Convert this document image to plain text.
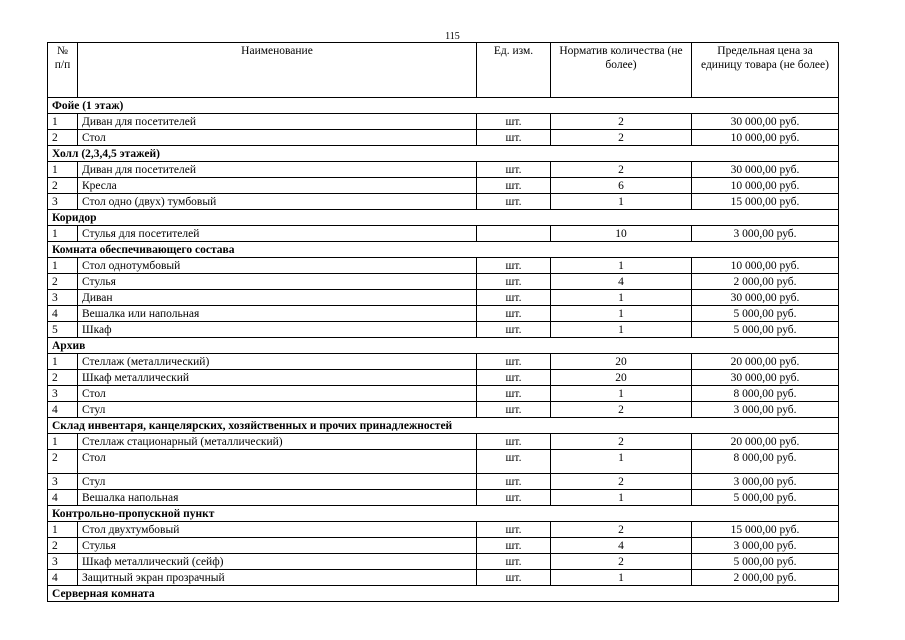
115
№ п/п	Наименование	Ед. изм.	Норматив количества (не более)	Предельная цена за единицу товара (не более)
Фойе (1 этаж)				
1	Диван для посетителей	шт.	2	30 000,00 руб.
2	Стол	шт.	2	10 000,00 руб.
Холл (2,3,4,5 этажей)				
1	Диван для посетителей	шт.	2	30 000,00 руб.
2	Кресла	шт.	6	10 000,00 руб.
3	Стол одно (двух) тумбовый	шт.	1	15 000,00 руб.
Коридор				
1	Стулья для посетителей		10	3 000,00 руб.
Комната обеспечивающего состава				
1	Стол однотумбовый	шт.	1	10 000,00 руб.
2	Стулья	шт.	4	2 000,00 руб.
3	Диван	шт.	1	30 000,00 руб.
4	Вешалка или напольная	шт.	1	5 000,00 руб.
5	Шкаф	шт.	1	5 000,00 руб.
Архив				
1	Стеллаж (металлический)	шт.	20	20 000,00 руб.
2	Шкаф металлический	шт.	20	30 000,00 руб.
3	Стол	шт.	1	8 000,00 руб.
4	Стул	шт.	2	3 000,00 руб.
Склад инвентаря, канцелярских, хозяйственных и прочих принадлежностей				
1	Стеллаж стационарный (металлический)	шт.	2	20 000,00 руб.
2	Стол	шт.	1	8 000,00 руб.
3	Стул	шт.	2	3 000,00 руб.
4	Вешалка напольная	шт.	1	5 000,00 руб.
Контрольно-пропускной пункт				
1	Стол двухтумбовый	шт.	2	15 000,00 руб.
2	Стулья	шт.	4	3 000,00 руб.
3	Шкаф металлический (сейф)	шт.	2	5 000,00 руб.
4	Защитный экран прозрачный	шт.	1	2 000,00 руб.
Серверная комната				
